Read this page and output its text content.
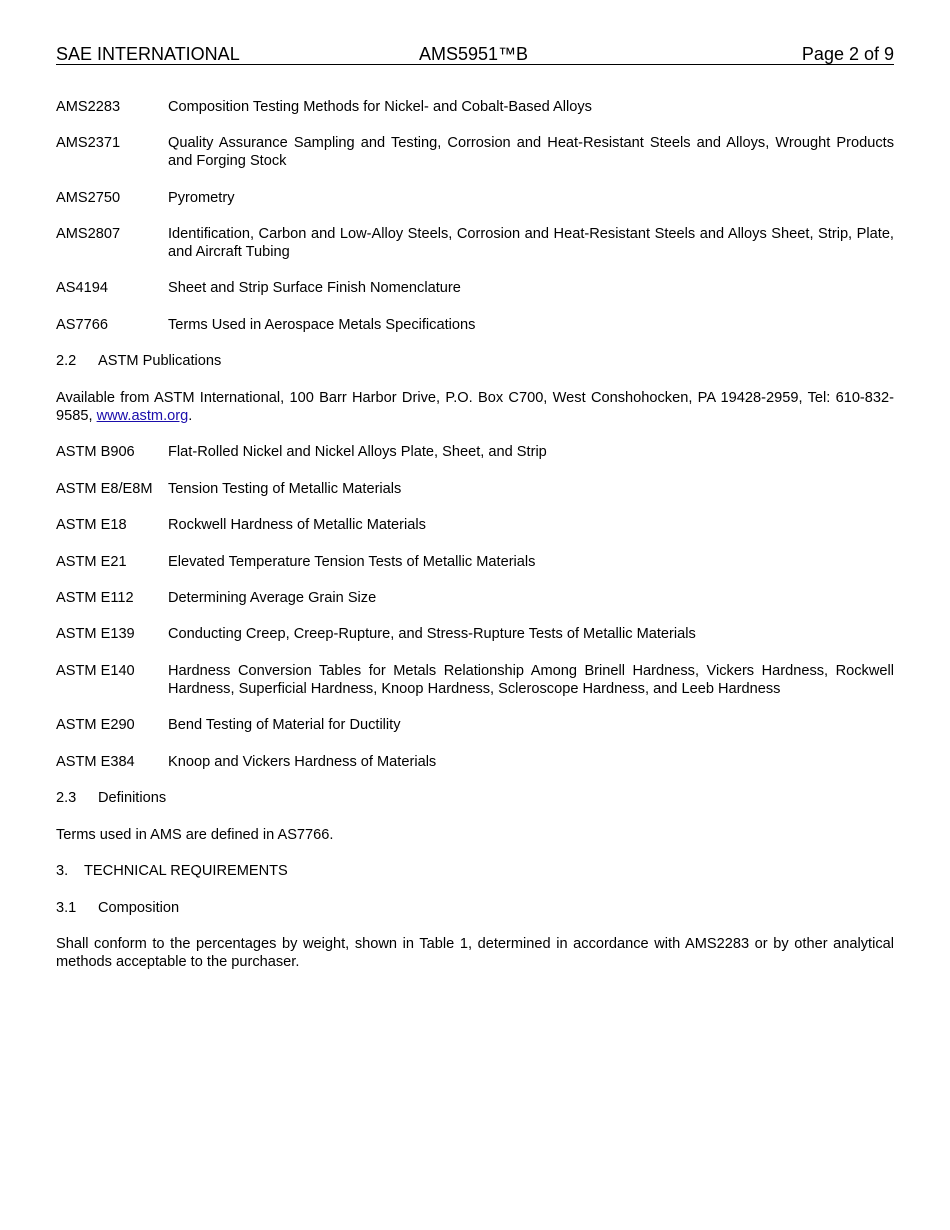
SAE INTERNATIONAL	AMS5951™B	Page 2 of 9
AMS2283	Composition Testing Methods for Nickel- and Cobalt-Based Alloys
AMS2371	Quality Assurance Sampling and Testing, Corrosion and Heat-Resistant Steels and Alloys, Wrought Products and Forging Stock
AMS2750	Pyrometry
AMS2807	Identification, Carbon and Low-Alloy Steels, Corrosion and Heat-Resistant Steels and Alloys Sheet, Strip, Plate, and Aircraft Tubing
AS4194	Sheet and Strip Surface Finish Nomenclature
AS7766	Terms Used in Aerospace Metals Specifications
2.2 ASTM Publications
Available from ASTM International, 100 Barr Harbor Drive, P.O. Box C700, West Conshohocken, PA 19428-2959, Tel: 610-832-9585, www.astm.org.
ASTM B906	Flat-Rolled Nickel and Nickel Alloys Plate, Sheet, and Strip
ASTM E8/E8M	Tension Testing of Metallic Materials
ASTM E18	Rockwell Hardness of Metallic Materials
ASTM E21	Elevated Temperature Tension Tests of Metallic Materials
ASTM E112	Determining Average Grain Size
ASTM E139	Conducting Creep, Creep-Rupture, and Stress-Rupture Tests of Metallic Materials
ASTM E140	Hardness Conversion Tables for Metals Relationship Among Brinell Hardness, Vickers Hardness, Rockwell Hardness, Superficial Hardness, Knoop Hardness, Scleroscope Hardness, and Leeb Hardness
ASTM E290	Bend Testing of Material for Ductility
ASTM E384	Knoop and Vickers Hardness of Materials
2.3 Definitions
Terms used in AMS are defined in AS7766.
3. TECHNICAL REQUIREMENTS
3.1 Composition
Shall conform to the percentages by weight, shown in Table 1, determined in accordance with AMS2283 or by other analytical methods acceptable to the purchaser.
